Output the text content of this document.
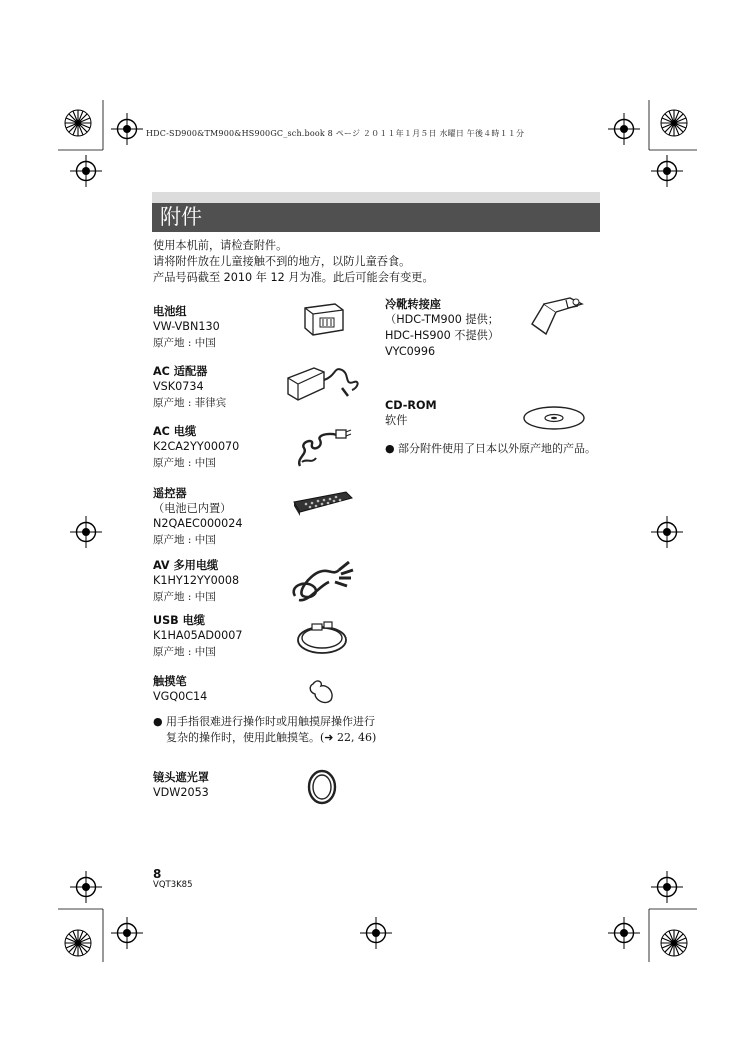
HDC-SD900&TM900&HS900GC_sch.book 8 ページ ２０１１年１月５日 水曜日 午後４時１１分
附件
使用本机前，请检查附件。
请将附件放在儿童接触不到的地方，以防儿童吞食。
产品号码截至 2010 年 12 月为准。此后可能会有变更。
电池组
VW-VBN130
原产地 : 中国
AC 适配器
VSK0734
原产地 : 菲律宾
AC 电缆
K2CA2YY00070
原产地 : 中国
遥控器
（电池已内置）
N2QAEC000024
原产地 : 中国
AV 多用电缆
K1HY12YY0008
原产地 : 中国
USB 电缆
K1HA05AD0007
原产地 : 中国
触摸笔
VGQ0C14
● 用手指很难进行操作时或用触摸屏操作进行复杂的操作时，使用此触摸笔。(➜ 22, 46)
镜头遮光罩
VDW2053
冷靴转接座
（HDC-TM900 提供； HDC-HS900 不提供）
VYC0996
CD-ROM
软件
● 部分附件使用了日本以外原产地的产品。
8
VQT3K85
